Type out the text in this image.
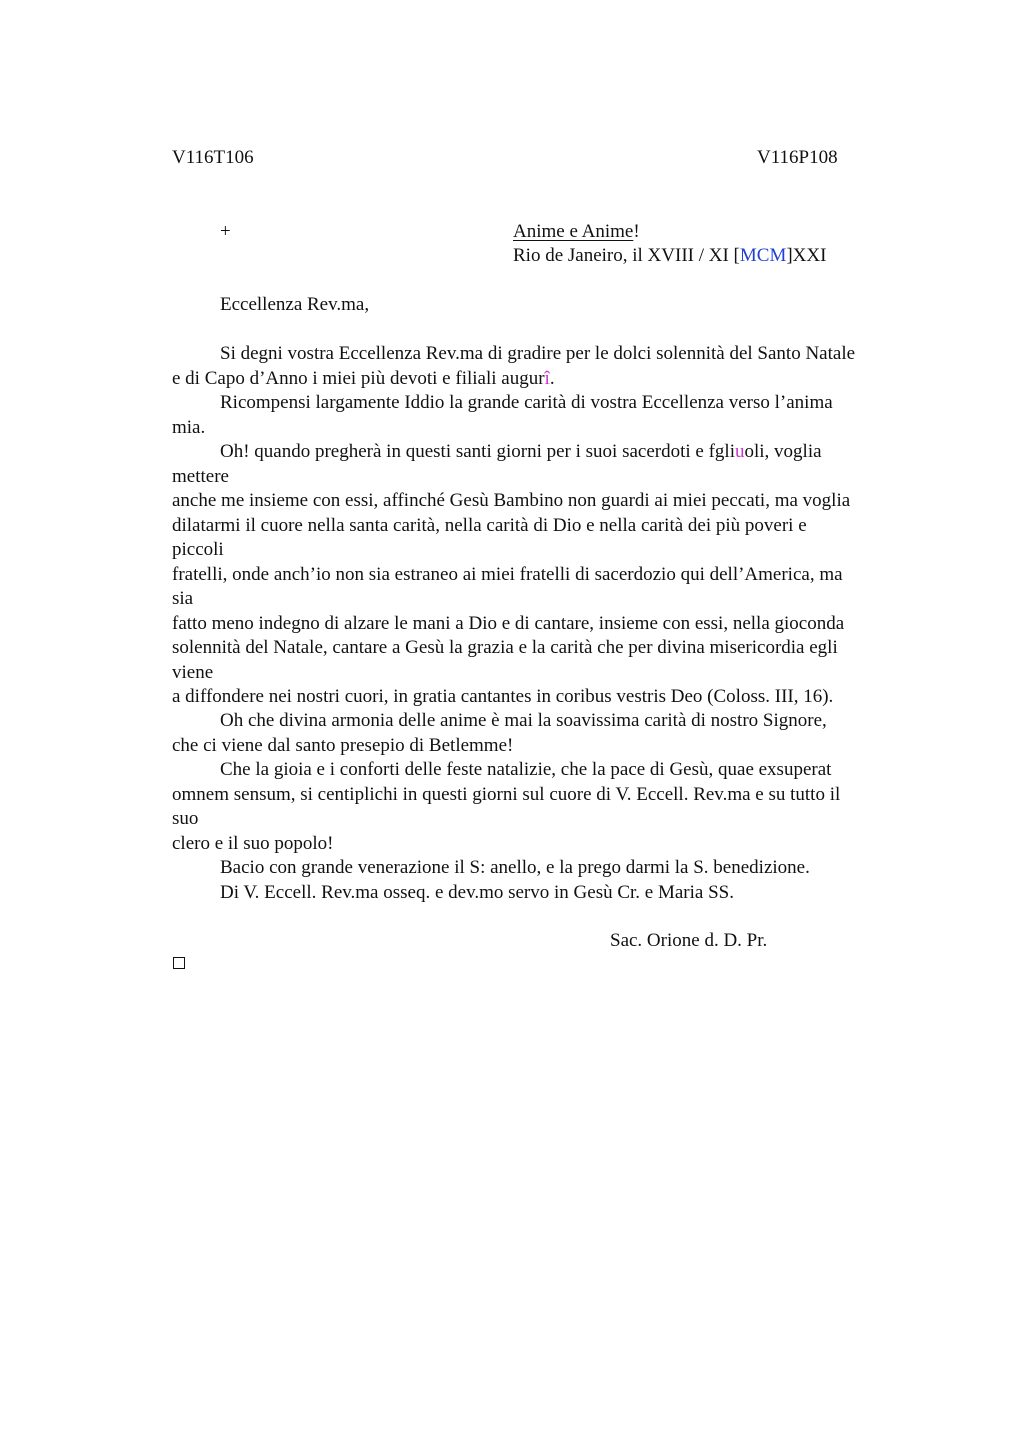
V116T106	V116P108
+	Anime e Anime!
Rio de Janeiro, il XVIII / XI [MCM]XXI
Eccellenza Rev.ma,
Si degni vostra Eccellenza Rev.ma di gradire per le dolci solennità del Santo Natale
e di Capo d’Anno i miei più devoti e filiali augurî.
Ricompensi largamente Iddio la grande carità di vostra Eccellenza verso l’anima
mia.
Oh! quando pregherà in questi santi giorni per i suoi sacerdoti e fgliuoli, voglia
mettere
anche me insieme con essi, affinché Gesù Bambino non guardi ai miei peccati, ma voglia
dilatarmi il cuore nella santa carità, nella carità di Dio e nella carità dei più poveri e
piccoli
fratelli, onde anch’io non sia estraneo ai miei fratelli di sacerdozio qui dell’America, ma
sia
fatto meno indegno di alzare le mani a Dio e di cantare, insieme con essi, nella gioconda
solennità del Natale, cantare a Gesù la grazia e la carità che per divina misericordia egli
viene
a diffondere nei nostri cuori, in gratia cantantes in coribus vestris Deo (Coloss. III, 16).
Oh che divina armonia delle anime è mai la soavissima carità di nostro Signore,
che ci viene dal santo presepio di Betlemme!
Che la gioia e i conforti delle feste natalizie, che la pace di Gesù, quae exsuperat
omnem sensum, si centiplichi in questi giorni sul cuore di V. Eccell. Rev.ma e su tutto il
suo
clero e il suo popolo!
Bacio con grande venerazione il S: anello, e la prego darmi la S. benedizione.
Di V. Eccell. Rev.ma osseq. e dev.mo servo in Gesù Cr. e Maria SS.
Sac. Orione d. D. Pr.
